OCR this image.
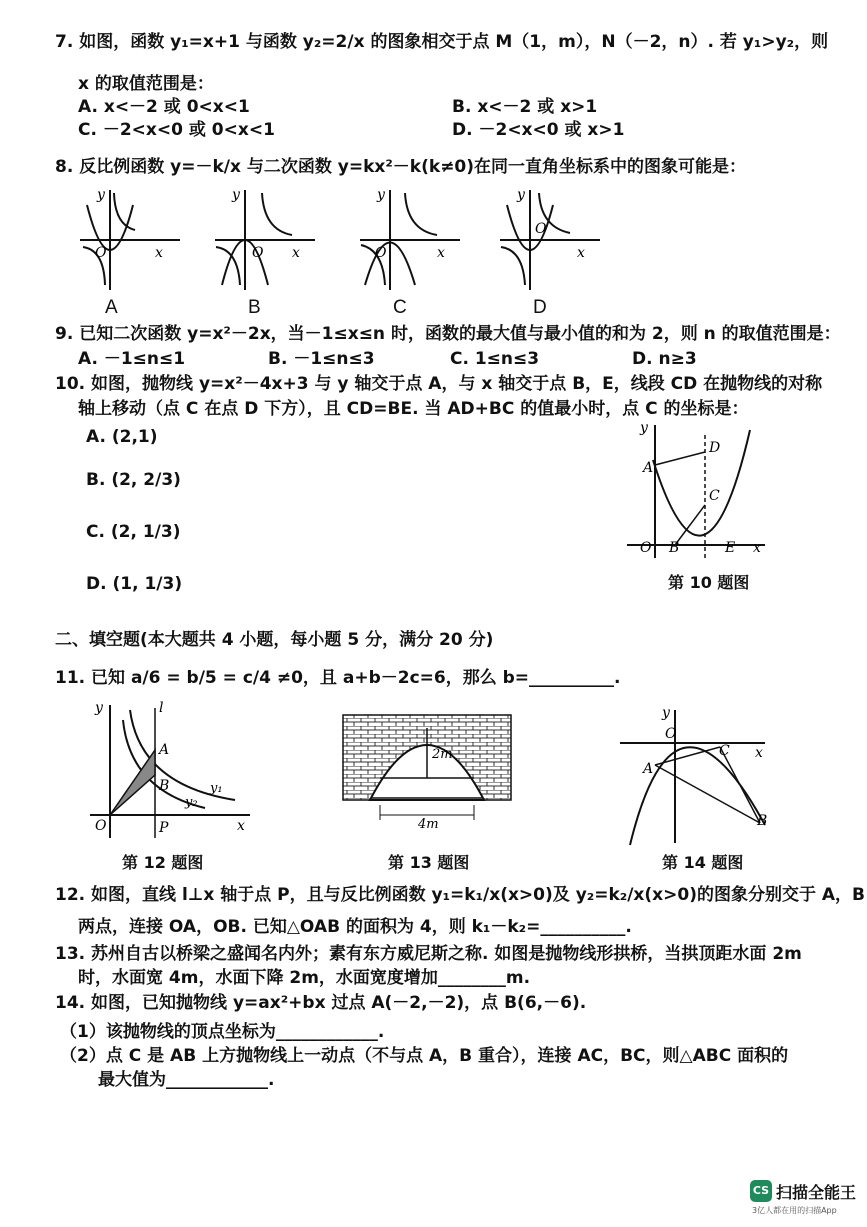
7. 如图，函数 y₁=x+1 与函数 y₂=2/x 的图象相交于点 M（1，m），N（－2，n）. 若 y₁>y₂，则
x 的取值范围是：
A. x<－2 或 0<x<1	B. x<－2 或 x>1
C. －2<x<0 或 0<x<1	D. －2<x<0 或 x>1
8. 反比例函数 y=－k/x 与二次函数 y=kx²－k(k≠0)在同一直角坐标系中的图象可能是：
O	x
y
O x
y
O	x
y
O
x
y
A	B	C	D
9. 已知二次函数 y=x²－2x，当－1≤x≤n 时，函数的最大值与最小值的和为 2，则 n 的取值范围是：
A. －1≤n≤1	B. －1≤n≤3	C. 1≤n≤3	D. n≥3
10. 如图，抛物线 y=x²－4x+3 与 y 轴交于点 A，与 x 轴交于点 B，E，线段 CD 在抛物线的对称
轴上移动（点 C 在点 D 下方），且 CD=BE. 当 AD+BC 的值最小时，点 C 的坐标是：
A. (2,1)
B. (2, 2/3)
C. (2, 1/3)
D. (1, 1/3)
y
A
D
C
O B	E x
第 10 题图
二、填空题(本大题共 4 小题，每小题 5 分，满分 20 分)
11. 已知 a/6 = b/5 = c/4 ≠0，且 a+b－2c=6，那么 b=__________.
y	l
A
B	y₁
y₂
O	P	x
2m
4m
y
O
x
A
C
B
第 12 题图	第 13 题图	第 14 题图
12. 如图，直线 l⊥x 轴于点 P，且与反比例函数 y₁=k₁/x(x>0)及 y₂=k₂/x(x>0)的图象分别交于 A，B
两点，连接 OA，OB. 已知△OAB 的面积为 4，则 k₁－k₂=__________.
13. 苏州自古以桥梁之盛闻名内外；素有东方威尼斯之称. 如图是抛物线形拱桥，当拱顶距水面 2m
时，水面宽 4m，水面下降 2m，水面宽度增加________m.
14. 如图，已知抛物线 y=ax²+bx 过点 A(－2,－2)，点 B(6,－6).
（1）该抛物线的顶点坐标为____________.
（2）点 C 是 AB 上方抛物线上一动点（不与点 A，B 重合），连接 AC，BC，则△ABC 面积的
最大值为____________.
CS 扫描全能王
3亿人都在用的扫描App
